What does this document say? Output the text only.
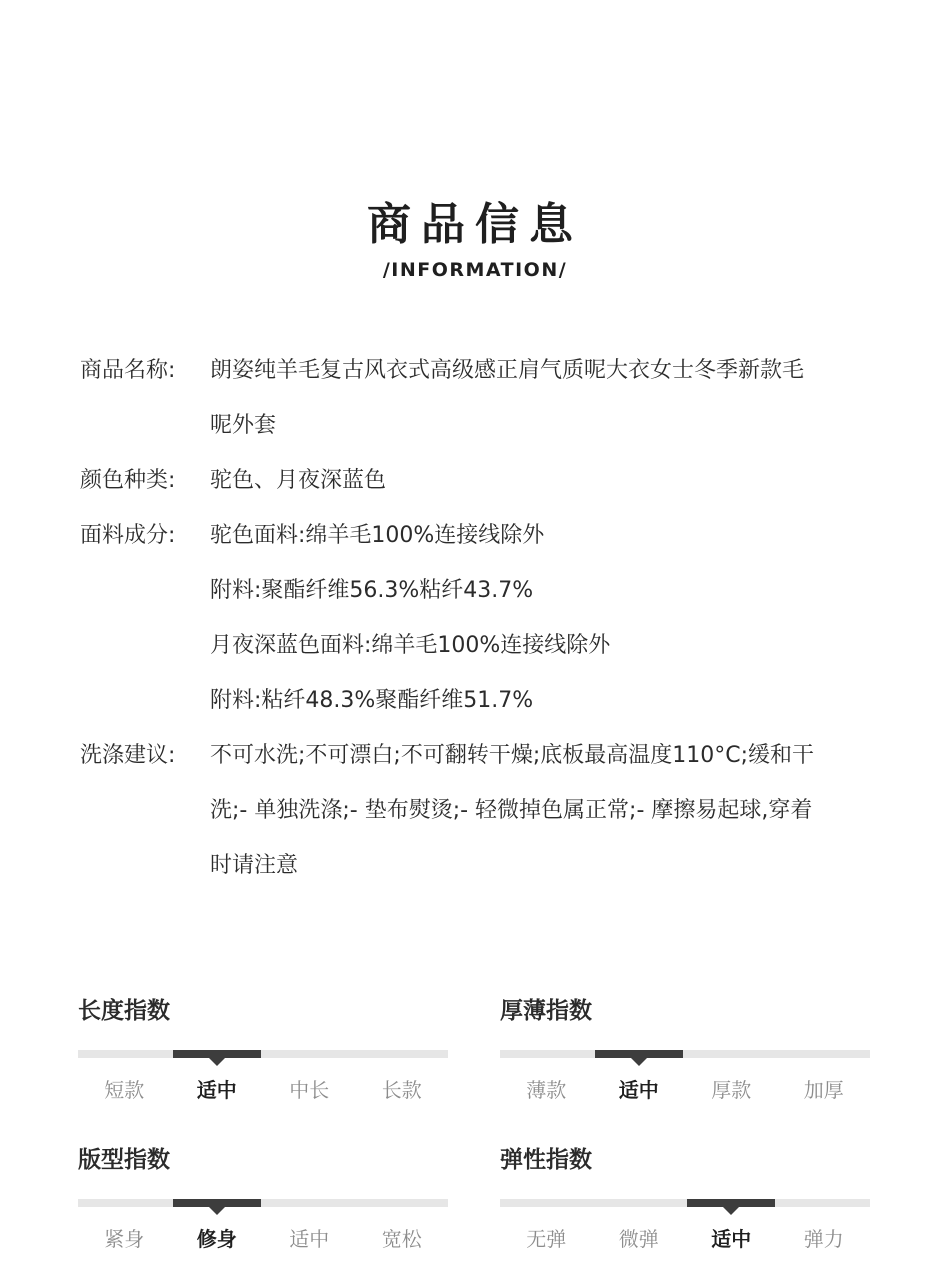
商品信息
/INFORMATION/
商品名称:	朗姿纯羊毛复古风衣式高级感正肩气质呢大衣女士冬季新款毛
呢外套
颜色种类:	驼色、月夜深蓝色
面料成分:	驼色面料:绵羊毛100%连接线除外
附料:聚酯纤维56.3%粘纤43.7%
月夜深蓝色面料:绵羊毛100%连接线除外
附料:粘纤48.3%聚酯纤维51.7%
洗涤建议:	不可水洗;不可漂白;不可翻转干燥;底板最高温度110°C;缓和干
洗;- 单独洗涤;- 垫布熨烫;- 轻微掉色属正常;- 摩擦易起球,穿着
时请注意
长度指数
短款	适中	中长	长款
厚薄指数
薄款	适中	厚款	加厚
版型指数
紧身	修身	适中	宽松
弹性指数
无弹	微弹	适中	弹力
